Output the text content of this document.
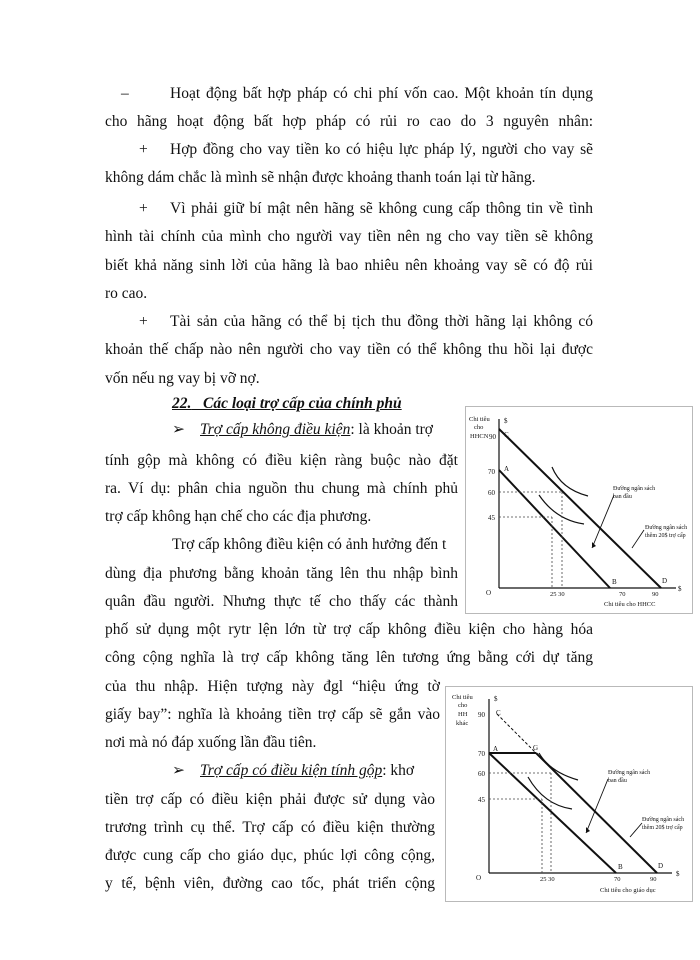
–	Hoạt động bất hợp pháp có chi phí vốn cao. Một khoản tín dụng
cho hãng hoạt động bất hợp pháp có rủi ro cao do 3 nguyên nhân:
+ Hợp đồng cho vay tiền ko có hiệu lực pháp lý, người cho vay sẽ
không dám chắc là mình sẽ nhận được khoảng thanh toán lại từ hãng.
+ Vì phải giữ bí mật nên hãng sẽ không cung cấp thông tin về tình
hình tài chính của mình cho người vay tiền nên ng cho vay tiền sẽ không
biết khả năng sinh lời của hãng là bao nhiêu nên khoảng vay sẽ có độ rủi
ro cao.
+ Tài sản của hãng có thể bị tịch thu đồng thời hãng lại không có
khoản thế chấp nào nên người cho vay tiền có thể không thu hồi lại được
vốn nếu ng vay bị vỡ nợ.
22. Các loại trợ cấp của chính phủ
➢ Trợ cấp không điều kiện: là khoản trợ
tính gộp mà không có điều kiện ràng buộc nào đặt
ra. Ví dụ: phân chia nguồn thu chung mà chính phủ
trợ cấp không hạn chế cho các địa phương.
Trợ cấp không điều kiện có ảnh hưởng đến t
dùng địa phương bằng khoản tăng lên thu nhập bình
quân đầu người. Nhưng thực tế cho thấy các thành
phố sử dụng một rytr lện lớn từ trợ cấp không điều kiện cho hàng hóa
công cộng nghĩa là trợ cấp không tăng lên tương ứng bằng cới dự tăng
của thu nhập. Hiện tượng này đgl “hiệu ứng tờ
giấy bay”: nghĩa là khoảng tiền trợ cấp sẽ gắn vào
nơi mà nó đáp xuống lần đầu tiên.
➢ Trợ cấp có điều kiện tính gộp: khơ
tiền trợ cấp có điều kiện phải được sử dụng vào
trương trình cụ thể. Trợ cấp có điều kiện thường
được cung cấp cho giáo dục, phúc lợi công cộng,
y tế, bệnh viên, đường cao tốc, phát triển cộng
Chi tiêu
cho
HHCN
$
90
70
60
45
C
A
B	D
O	25 30	70	90
$
Chi tiêu cho HHCC
Đường ngân sách
ban đầu
Đường ngân sách
thêm 20$ trợ cấp
Chi tiêu
cho
HH
khác
$
90
70
60
45
C
A	G
B	D
O	25 30	70	90
$
Chi tiêu cho giáo dục
Đường ngân sách
ban đầu
Đường ngân sách
thêm 20$ trợ cấp
